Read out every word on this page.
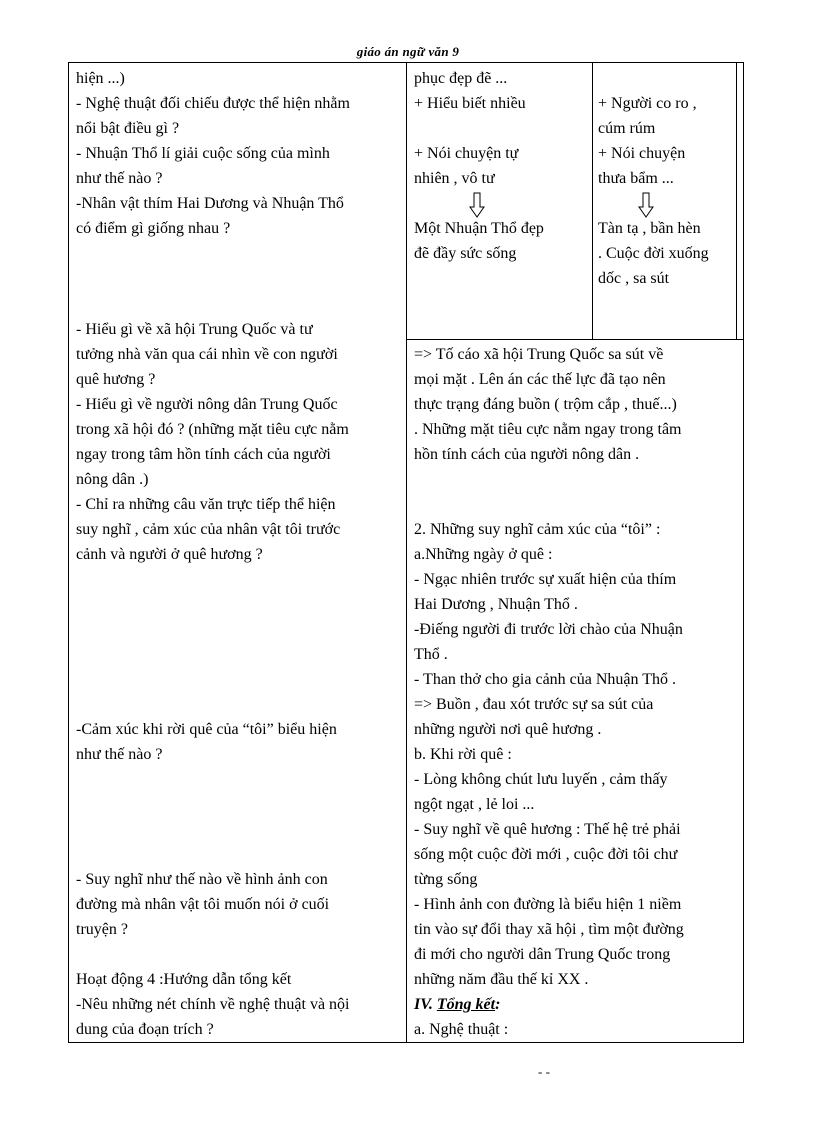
giáo án ngữ văn 9
hiện ...)
- Nghệ thuật đối chiếu được thể hiện nhằm
nổi bật điều gì ?
- Nhuận Thổ lí giải cuộc sống của mình
như thế nào ?
-Nhân vật thím Hai Dương và Nhuận Thổ
có điểm gì giống nhau ?
- Hiểu gì về xã hội Trung Quốc và tư
tưởng nhà văn qua cái nhìn về con người
quê hương ?
- Hiểu gì về người nông dân Trung Quốc
trong xã hội đó ? (những mặt tiêu cực nằm
ngay trong tâm hồn tính cách của người
nông dân .)
- Chỉ ra những câu văn trực tiếp thể hiện
suy nghĩ , cảm xúc của nhân vật tôi trước
cảnh và người ở quê hương ?
-Cảm xúc khi rời quê của “tôi” biểu hiện
như thế nào ?
- Suy nghĩ như thế nào về hình ảnh con
đường mà nhân vật tôi muốn nói ở cuối
truyện ?
Hoạt động 4 :Hướng dẫn tổng kết
-Nêu những nét chính về nghệ thuật và nội
dung của đoạn trích ?
phục đẹp đẽ ...
+ Hiểu biết nhiều
+ Nói chuyện tự
nhiên , vô tư
Một Nhuận Thổ đẹp
đẽ đầy sức sống
+ Người co ro ,
cúm rúm
+ Nói chuyện
thưa bẩm ...
Tàn tạ , bần hèn
. Cuộc đời xuống
dốc , sa sút
=> Tố cáo xã hội Trung Quốc sa sút về
mọi mặt . Lên án các thế lực đã tạo nên
thực trạng đáng buồn ( trộm cắp , thuế...)
. Những mặt tiêu cực nằm ngay trong tâm
hồn tính cách của người nông dân .
2. Những suy nghĩ cảm xúc của “tôi” :
a.Những ngày ở quê :
- Ngạc nhiên trước sự xuất hiện của thím
Hai Dương , Nhuận Thổ .
-Điếng người đi trước lời chào của Nhuận
Thổ .
- Than thở cho gia cảnh của Nhuận Thổ .
=> Buồn , đau xót trước sự sa sút của
những người nơi quê hương .
b. Khi rời quê :
- Lòng không chút lưu luyến , cảm thấy
ngột ngạt , lẻ loi ...
- Suy nghĩ về quê hương : Thế hệ trẻ phải
sống một cuộc đời mới , cuộc đời tôi chư
từng sống
- Hình ảnh con đường là biểu hiện 1 niềm
tin vào sự đổi thay xã hội , tìm một đường
đi mới cho người dân Trung Quốc trong
những năm đầu thế kỉ XX .
IV. Tổng kết:
a. Nghệ thuật :
- -
